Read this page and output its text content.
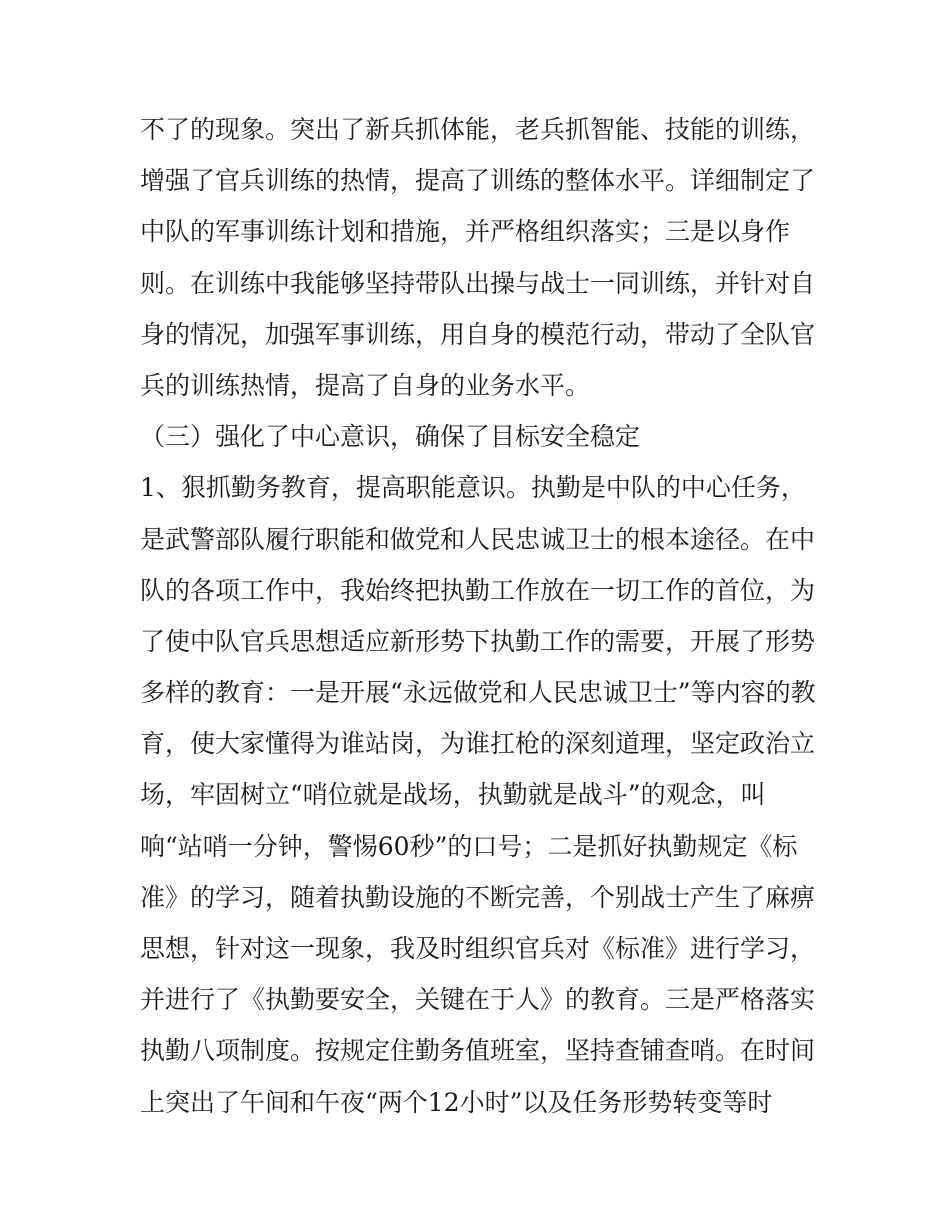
不了的现象。突出了新兵抓体能，老兵抓智能、技能的训练，
增强了官兵训练的热情，提高了训练的整体水平。详细制定了
中队的军事训练计划和措施，并严格组织落实；三是以身作
则。在训练中我能够坚持带队出操与战士一同训练，并针对自
身的情况，加强军事训练，用自身的模范行动，带动了全队官
兵的训练热情，提高了自身的业务水平。
（三）强化了中心意识，确保了目标安全稳定
1、狠抓勤务教育，提高职能意识。执勤是中队的中心任务，
是武警部队履行职能和做党和人民忠诚卫士的根本途径。在中
队的各项工作中，我始终把执勤工作放在一切工作的首位，为
了使中队官兵思想适应新形势下执勤工作的需要，开展了形势
多样的教育：一是开展“永远做党和人民忠诚卫士”等内容的教
育，使大家懂得为谁站岗，为谁扛枪的深刻道理，坚定政治立
场，牢固树立“哨位就是战场，执勤就是战斗”的观念，叫
响“站哨一分钟，警惕60秒”的口号；二是抓好执勤规定《标
准》的学习，随着执勤设施的不断完善，个别战士产生了麻痹
思想，针对这一现象，我及时组织官兵对《标准》进行学习，
并进行了《执勤要安全，关键在于人》的教育。三是严格落实
执勤八项制度。按规定住勤务值班室，坚持查铺查哨。在时间
上突出了午间和午夜“两个12小时”以及任务形势转变等时
